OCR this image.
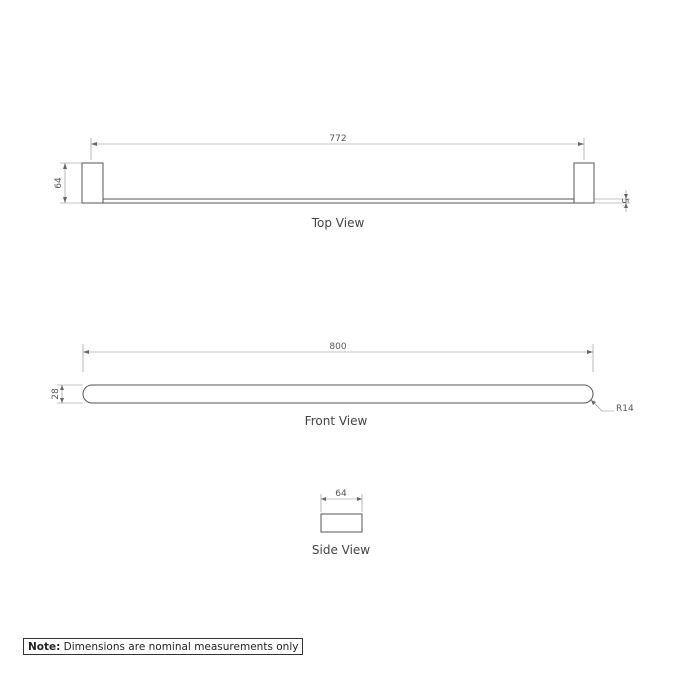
772
64
5
Top View
800
28
R14
Front View
64
Side View
Note: Dimensions are nominal measurements only
